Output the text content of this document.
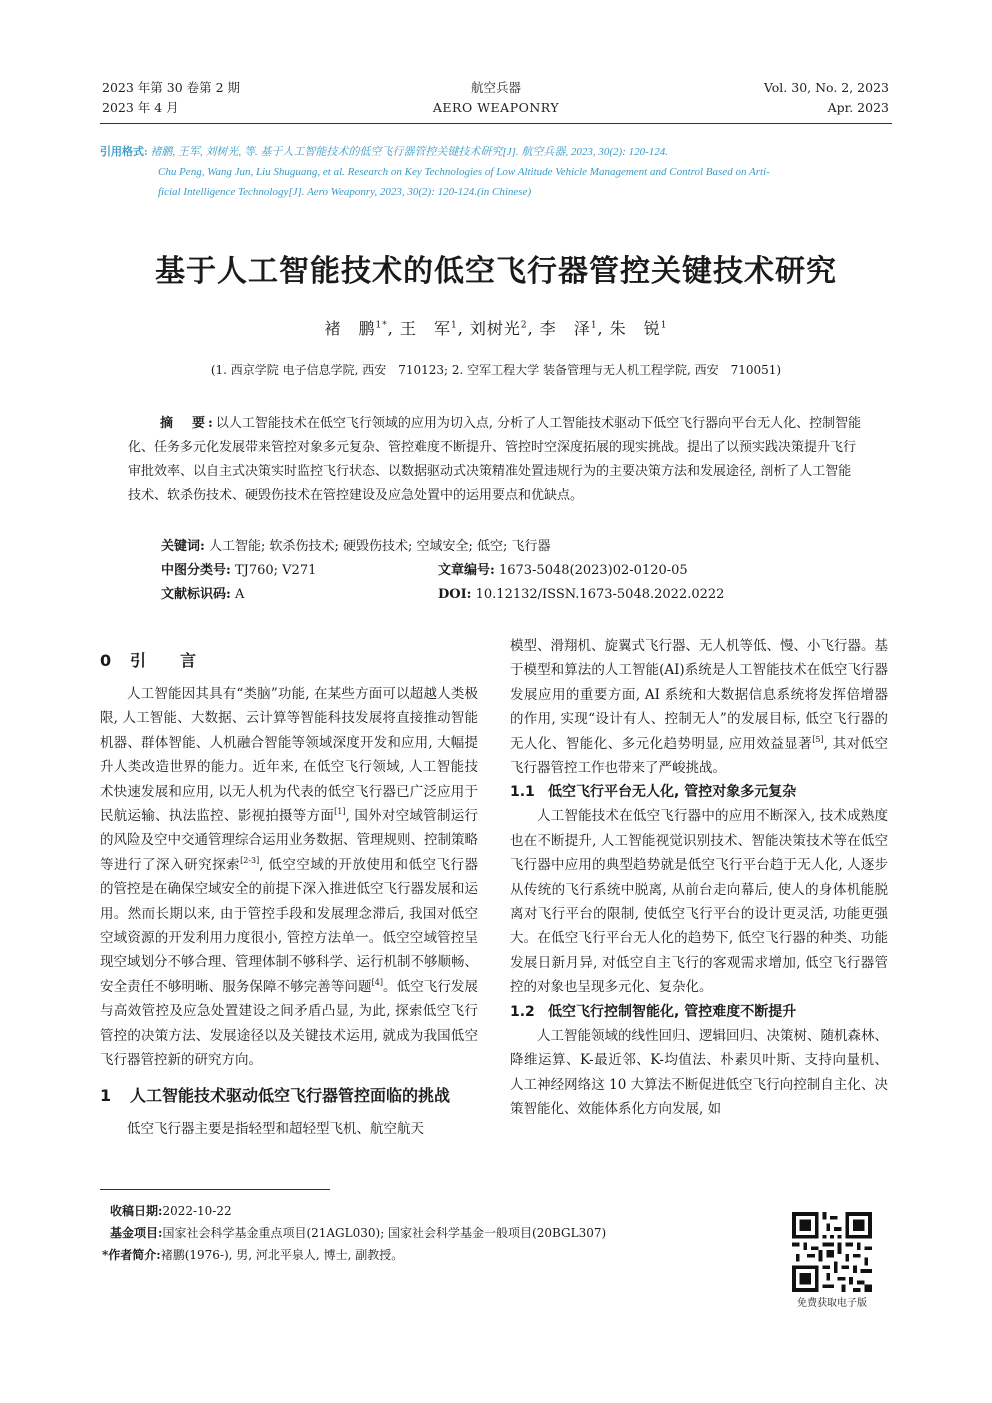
2023 年第 30 卷第 2 期
2023 年 4 月
航空兵器
AERO WEAPONRY
Vol. 30, No. 2, 2023
Apr. 2023
引用格式: 褚鹏, 王军, 刘树光, 等. 基于人工智能技术的低空飞行器管控关键技术研究[J]. 航空兵器, 2023, 30(2): 120-124.
Chu Peng, Wang Jun, Liu Shuguang, et al. Research on Key Technologies of Low Altitude Vehicle Management and Control Based on Arti-
ficial Intelligence Technology[J]. Aero Weaponry, 2023, 30(2): 120-124.(in Chinese)
基于人工智能技术的低空飞行器管控关键技术研究
褚　鹏$^{1*}$, 王　军$^1$, 刘树光$^2$, 李　泽$^1$, 朱　锐$^1$
(1. 西京学院 电子信息学院, 西安　710123; 2. 空军工程大学 装备管理与无人机工程学院, 西安　710051)
摘　要:以人工智能技术在低空飞行领域的应用为切入点, 分析了人工智能技术驱动下低空飞行器向平台无人化、控制智能化、任务多元化发展带来管控对象多元复杂、管控难度不断提升、管控时空深度拓展的现实挑战。提出了以预实践决策提升飞行审批效率、以自主式决策实时监控飞行状态、以数据驱动式决策精准处置违规行为的主要决策方法和发展途径, 剖析了人工智能技术、软杀伤技术、硬毁伤技术在管控建设及应急处置中的运用要点和优缺点。
关键词: 人工智能; 软杀伤技术; 硬毁伤技术; 空域安全; 低空; 飞行器
中图分类号: TJ760; V271	文章编号: 1673-5048(2023)02-0120-05
文献标识码: A	DOI: 10.12132/ISSN.1673-5048.2022.0222
0 引言

人工智能因其具有“类脑”功能, 在某些方面可以超越人类极限, 人工智能、大数据、云计算等智能科技发展将直接推动智能机器、群体智能、人机融合智能等领域深度开发和应用, 大幅提升人类改造世界的能力。近年来, 在低空飞行领域, 人工智能技术快速发展和应用, 以无人机为代表的低空飞行器已广泛应用于民航运输、执法监控、影视拍摄等方面[1], 国外对空域管制运行的风险及空中交通管理综合运用业务数据、管理规则、控制策略等进行了深入研究探索[2-3], 低空空域的开放使用和低空飞行器的管控是在确保空域安全的前提下深入推进低空飞行器发展和运用。然而长期以来, 由于管控手段和发展理念滞后, 我国对低空空域资源的开发利用力度很小, 管控方法单一。低空空域管控呈现空域划分不够合理、管理体制不够科学、运行机制不够顺畅、安全责任不够明晰、服务保障不够完善等问题[4]。低空飞行发展与高效管控及应急处置建设之间矛盾凸显, 为此, 探索低空飞行管控的决策方法、发展途径以及关键技术运用, 就成为我国低空飞行器管控新的研究方向。

1	人工智能技术驱动低空飞行器管控面临的挑战

低空飞行器主要是指轻型和超轻型飞机、航空航天

模型、滑翔机、旋翼式飞行器、无人机等低、慢、小飞行器。基于模型和算法的人工智能(AI)系统是人工智能技术在低空飞行器发展应用的重要方面, AI 系统和大数据信息系统将发挥倍增器的作用, 实现“设计有人、控制无人”的发展目标, 低空飞行器的无人化、智能化、多元化趋势明显, 应用效益显著[5], 其对低空飞行器管控工作也带来了严峻挑战。

1.1 低空飞行平台无人化, 管控对象多元复杂

人工智能技术在低空飞行器中的应用不断深入, 技术成熟度也在不断提升, 人工智能视觉识别技术、智能决策技术等在低空飞行器中应用的典型趋势就是低空飞行平台趋于无人化, 人逐步从传统的飞行系统中脱离, 从前台走向幕后, 使人的身体机能脱离对飞行平台的限制, 使低空飞行平台的设计更灵活, 功能更强大。在低空飞行平台无人化的趋势下, 低空飞行器的种类、功能发展日新月异, 对低空自主飞行的客观需求增加, 低空飞行器管控的对象也呈现多元化、复杂化。

1.2 低空飞行控制智能化, 管控难度不断提升

人工智能领域的线性回归、逻辑回归、决策树、随机森林、降维运算、K-最近邻、K-均值法、朴素贝叶斯、支持向量机、人工神经网络这 10 大算法不断促进低空飞行向控制自主化、决策智能化、效能体系化方向发展, 如

收稿日期:2022-10-22
基金项目:国家社会科学基金重点项目(21AGL030); 国家社会科学基金一般项目(20BGL307)
*作者简介:褚鹏(1976-), 男, 河北平泉人, 博士, 副教授。
免费获取电子版
